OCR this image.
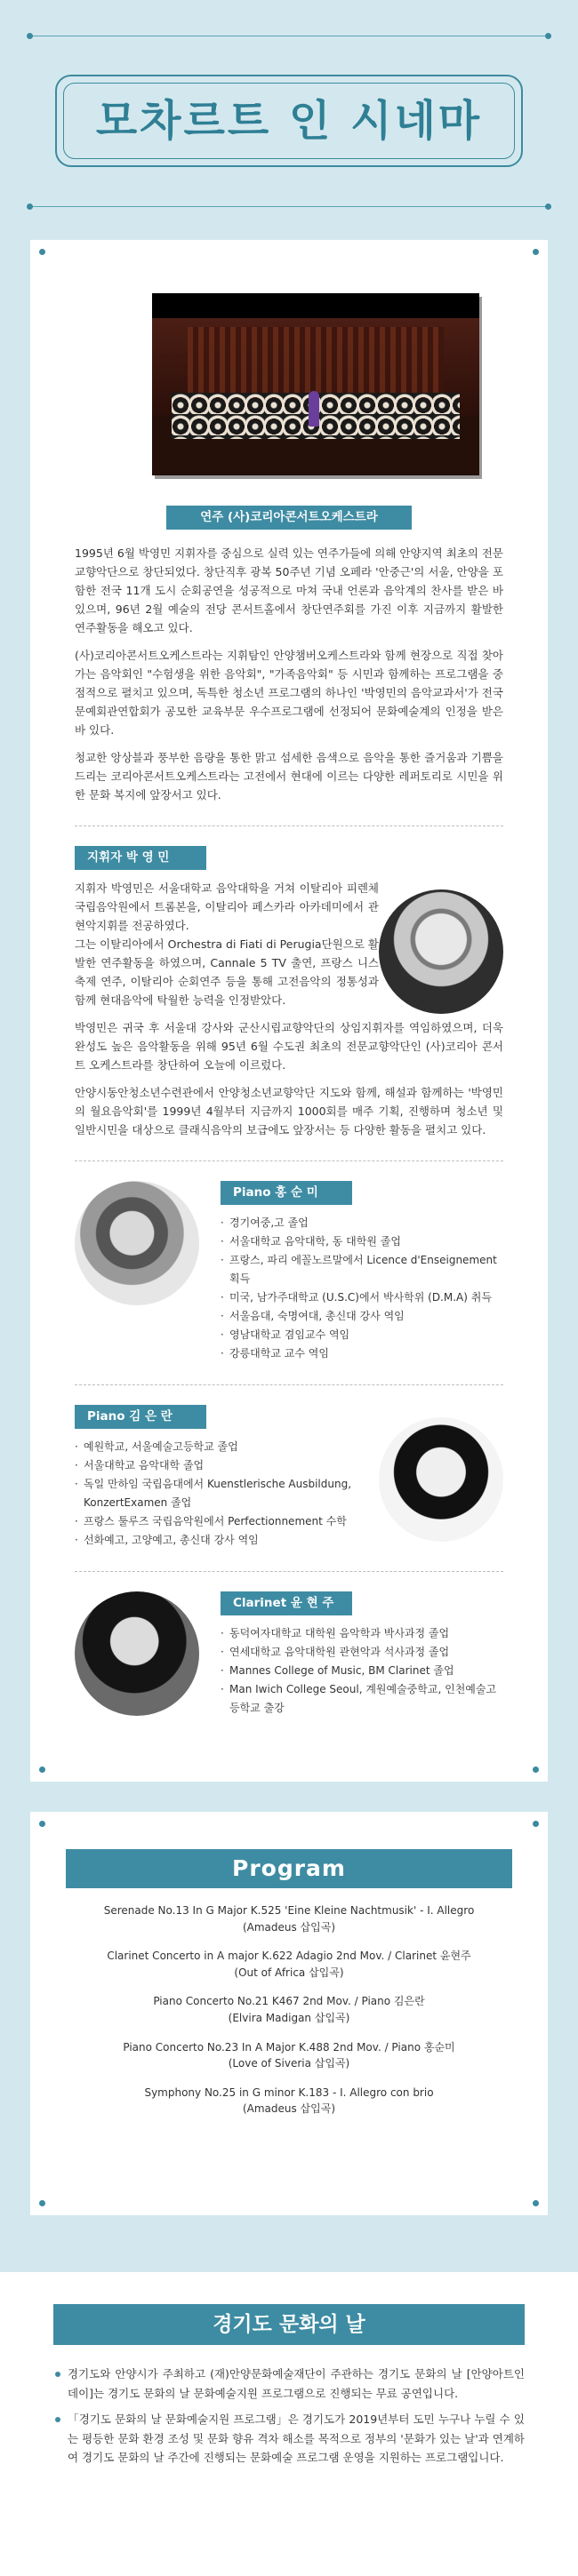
모차르트 인 시네마
연주 (사)코리아콘서트오케스트라

1995년 6월 박영민 지휘자를 중심으로 실력 있는 연주가들에 의해 안양지역 최초의 전문교향악단으로 창단되었다. 창단직후 광복 50주년 기념 오페라 '안중근'의 서울, 안양을 포함한 전국 11개 도시 순회공연을 성공적으로 마쳐 국내 언론과 음악계의 찬사를 받은 바 있으며, 96년 2월 예술의 전당 콘서트홀에서 창단연주회를 가진 이후 지금까지 활발한 연주활동을 해오고 있다.

(사)코리아콘서트오케스트라는 지휘탐인 안양챔버오케스트라와 함께 현장으로 직접 찾아가는 음악회인 "수험생을 위한 음악회", "가족음악회" 등 시민과 함께하는 프로그램을 중점적으로 펼치고 있으며, 독특한 청소년 프로그램의 하나인 '박영민의 음악교과서'가 전국문예회관연합회가 공모한 교육부문 우수프로그램에 선정되어 문화예술계의 인정을 받은 바 있다.

청교한 앙상블과 풍부한 음량을 통한 맑고 섬세한 음색으로 음악을 통한 즐거움과 기쁨을 드리는 코리아콘서트오케스트라는 고전에서 현대에 이르는 다양한 레퍼토리로 시민을 위한 문화 복지에 앞장서고 있다.

지휘자 박 영 민

지휘자 박영민은 서울대학교 음악대학을 거쳐 이탈리아 피렌체 국립음악원에서 트롬본을, 이탈리아 페스카라 아카데미에서 관현악지휘를 전공하였다.
그는 이탈리아에서 Orchestra di Fiati di Perugia단원으로 활발한 연주활동을 하였으며, Cannale 5 TV 출연, 프랑스 니스축제 연주, 이탈리아 순회연주 등을 통해 고전음악의 정통성과 함께 현대음악에 탁월한 능력을 인정받았다.

박영민은 귀국 후 서울대 강사와 군산시립교향악단의 상임지휘자를 역임하였으며, 더욱 완성도 높은 음악활동을 위해 95년 6월 수도권 최초의 전문교향악단인 (사)코리아 콘서트 오케스트라를 창단하여 오늘에 이르렀다.

안양시동안청소년수련관에서 안양청소년교향악단 지도와 함께, 해설과 함께하는 '박영민의 월요음악회'를 1999년 4월부터 지금까지 1000회를 매주 기획, 진행하며 청소년 및 일반시민을 대상으로 클래식음악의 보급에도 앞장서는 등 다양한 활동을 펼치고 있다.

Piano 홍 순 미
· 경기여중,고 졸업
· 서울대학교 음악대학, 동 대학원 졸업
· 프랑스, 파리 에꼴노르말에서 Licence d'Enseignement 획득
· 미국, 남가주대학교 (U.S.C)에서 박사학위 (D.M.A) 취득
· 서울음대, 숙명여대, 총신대 강사 역임
· 영남대학교 겸임교수 역임
· 강릉대학교 교수 역임
Piano 김 은 란
· 예원학교, 서울예술고등학교 졸업
· 서울대학교 음악대학 졸업
· 독일 만하임 국립음대에서 Kuenstlerische Ausbildung, KonzertExamen 졸업
· 프랑스 툴루즈 국립음악원에서 Perfectionnement 수학
· 선화예고, 고양예고, 총신대 강사 역임
Clarinet 윤 현 주
· 동덕여자대학교 대학원 음악학과 박사과정 졸업
· 연세대학교 음악대학원 관현악과 석사과정 졸업
· Mannes College of Music, BM Clarinet 졸업
· Man Iwich College Seoul, 계원예술중학교, 인천예술고등학교 출강
Program
Serenade No.13 In G Major K.525 'Eine Kleine Nachtmusik' - I. Allegro
(Amadeus 삽입곡)
Clarinet Concerto in A major K.622 Adagio 2nd Mov. / Clarinet 윤현주
(Out of Africa 삽입곡)
Piano Concerto No.21 K467 2nd Mov. / Piano 김은란
(Elvira Madigan 삽입곡)
Piano Concerto No.23 In A Major K.488 2nd Mov. / Piano 홍순미
(Love of Siveria 삽입곡)
Symphony No.25 in G minor K.183 - I. Allegro con brio
(Amadeus 삽입곡)
경기도 문화의 날
경기도와 안양시가 주최하고 (재)안양문화예술재단이 주관하는 경기도 문화의 날 [안양아트인 데이]는 경기도 문화의 날 문화예술지원 프로그램으로 진행되는 무료 공연입니다.
「경기도 문화의 날 문화예술지원 프로그램」은 경기도가 2019년부터 도민 누구나 누릴 수 있는 평등한 문화 환경 조성 및 문화 향유 격차 해소를 목적으로 정부의 '문화가 있는 날'과 연계하여 경기도 문화의 날 주간에 진행되는 문화예술 프로그램 운영을 지원하는 프로그램입니다.
